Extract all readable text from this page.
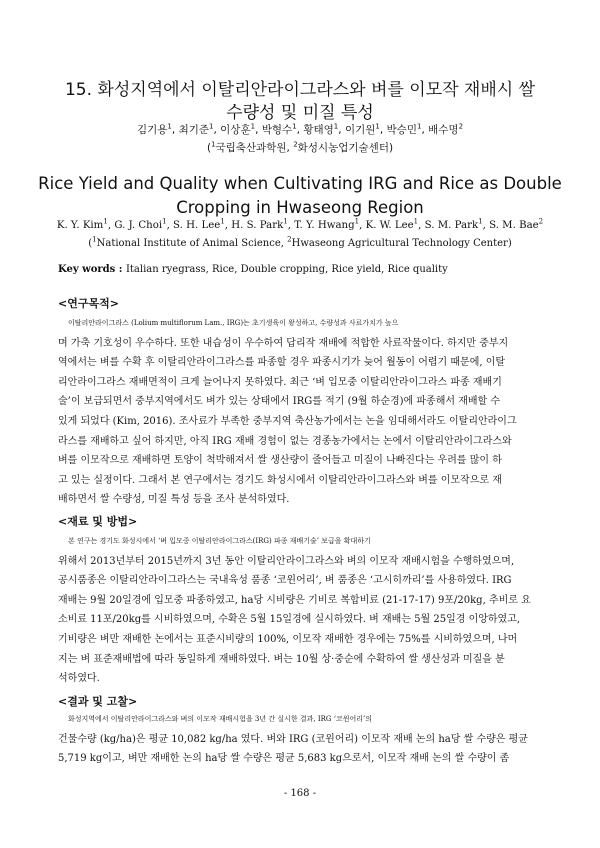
15. 화성지역에서 이탈리안라이그라스와 벼를 이모작 재배시 쌀
수량성 및 미질 특성
김기용$^1$, 최기준$^1$, 이상훈$^1$, 박형수$^1$, 황태영$^1$, 이기원$^1$, 박승민$^1$, 배수명$^2$
($^1$국립축산과학원, $^2$화성시농업기술센터)
Rice Yield and Quality when Cultivating IRG and Rice as Double
Cropping in Hwaseong Region
K. Y. Kim$^1$, G. J. Choi$^1$, S. H. Lee$^1$, H. S. Park$^1$, T. Y. Hwang$^1$, K. W. Lee$^1$, S. M. Park$^1$, S. M. Bae$^2$
($^1$National Institute of Animal Science, $^2$Hwaseong Agricultural Technology Center)
Key words : Italian ryegrass, Rice, Double cropping, Rice yield, Rice quality
<연구목적>
이탈리안라이그라스 (Lolium multiflorum Lam., IRG)는 초기생육이 왕성하고, 수량성과 사료가치가 높으
며 가축 기호성이 우수하다. 또한 내습성이 우수하여 답리작 재배에 적합한 사료작물이다. 하지만 중부지
역에서는 벼를 수확 후 이탈리안라이그라스를 파종할 경우 파종시기가 늦어 월동이 어렵기 때문에, 이탈
리안라이그라스 재배면적이 크게 늘어나지 못하였다. 최근 ‘벼 입모중 이탈리안라이그라스 파종 재배기
술’이 보급되면서 중부지역에서도 벼가 있는 상태에서 IRG를 적기 (9월 하순경)에 파종해서 재배할 수
있게 되었다 (Kim, 2016). 조사료가 부족한 중부지역 축산농가에서는 논을 임대해서라도 이탈리안라이그
라스를 재배하고 싶어 하지만, 아직 IRG 재배 경험이 없는 경종농가에서는 논에서 이탈리안라이그라스와
벼를 이모작으로 재배하면 토양이 척박해져서 쌀 생산량이 줄어들고 미질이 나빠진다는 우려를 많이 하
고 있는 실정이다. 그래서 본 연구에서는 경기도 화성시에서 이탈리안라이그라스와 벼를 이모작으로 재
배하면서 쌀 수량성, 미질 특성 등을 조사 분석하였다.
<재료 및 방법>
본 연구는 경기도 화성시에서 ‘벼 입모중 이탈리안라이그라스(IRG) 파종 재배기술’ 보급을 확대하기
위해서 2013년부터 2015년까지 3년 동안 이탈리안라이그라스와 벼의 이모작 재배시험을 수행하였으며,
공시품종은 이탈리안라이그라스는 국내육성 품종 ‘코윈어리’, 벼 품종은 ‘고시히까리’를 사용하였다. IRG
재배는 9월 20일경에 입모중 파종하였고, ha당 시비량은 기비로 복합비료 (21-17-17) 9포/20kg, 추비로 요
소비료 11포/20kg를 시비하였으며, 수확은 5월 15일경에 실시하였다. 벼 재배는 5월 25일경 이앙하였고,
기비량은 벼만 재배한 논에서는 표준시비량의 100%, 이모작 재배한 경우에는 75%를 시비하였으며, 나머
지는 벼 표준재배법에 따라 동일하게 재배하였다. 벼는 10월 상·중순에 수확하여 쌀 생산성과 미질을 분
석하였다.
<결과 및 고찰>
화성지역에서 이탈리안라이그라스와 벼의 이모작 재배시험을 3년 간 실시한 결과, IRG ‘코윈어리’의
건물수량 (kg/ha)은 평균 10,082 kg/ha 였다. 벼와 IRG (코윈어리) 이모작 재배 논의 ha당 쌀 수량은 평균
5,719 kg이고, 벼만 재배한 논의 ha당 쌀 수량은 평균 5,683 kg으로서, 이모작 재배 논의 쌀 수량이 좀
- 168 -
